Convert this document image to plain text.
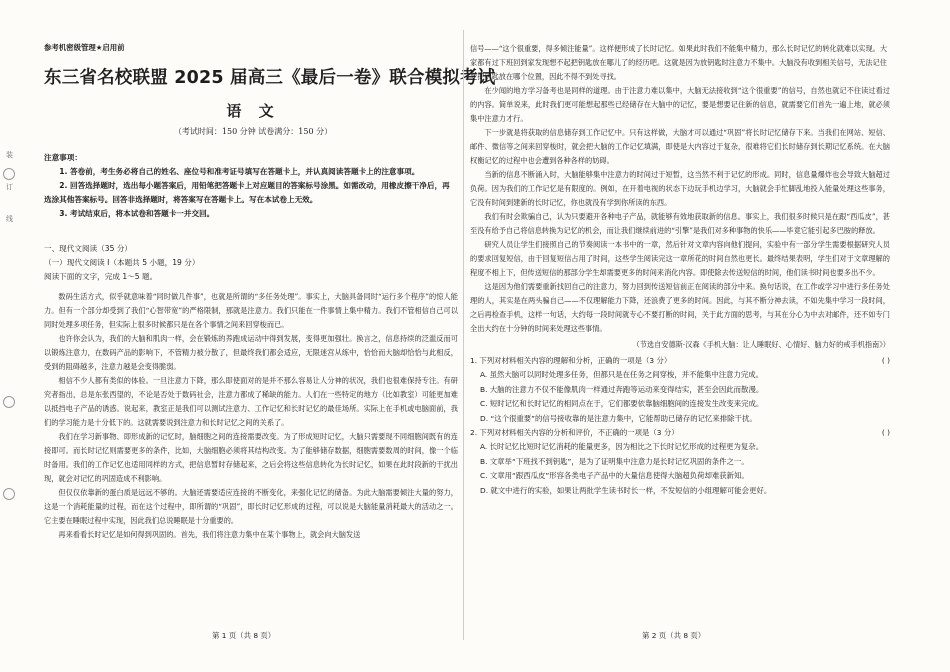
装
订
线
参考机密级管理★启用前
东三省名校联盟 2025 届高三《最后一卷》联合模拟考试
语 文
（考试时间：150 分钟 试卷满分：150 分）
注意事项：
1. 答卷前，考生务必将自己的姓名、座位号和准考证号填写在答题卡上，并认真阅读答题卡上的注意事项。
2. 回答选择题时，选出每小题答案后，用铅笔把答题卡上对应题目的答案标号涂黑。如需改动，用橡皮擦干净后，再选涂其他答案标号。回答非选择题时，将答案写在答题卡上。写在本试卷上无效。
3. 考试结束后，将本试卷和答题卡一并交回。
一、现代文阅读（35 分）
（一）现代文阅读 Ⅰ（本题共 5 小题，19 分）
阅读下面的文字，完成 1～5 题。

数码生活方式，似乎就意味着“同时做几件事”，也就是所谓的“多任务处理”。事实上，大脑具备同时“运行多个程序”的惊人能力。但有一个部分却受到了我们“心智带宽”的严格限制，那就是注意力。我们只能在一件事情上集中精力。我们不管相信自己可以同时处理多项任务，但实际上很多时候都只是在各个事情之间来回穿梭而已。

也许你会认为，我们的大脑和肌肉一样，会在锻炼的养跑成运动中得到发展，变得更加强壮。换言之，信息持续的泛滥反而可以锻炼注意力，在数码产品的影响下，不管精力被分散了，但最终我们都会适应，无限迷宫从练中，恰恰而大脑却恰恰与此相反，受到的阻碍越多，注意力越是会变得脆弱。

相信不少人都有类似的体验。一旦注意力下降，那么即使面对的是并不那么容易让人分神的状况，我们也很难保持专注。有研究者指出，总是东张西望的，不论是否处于数码社会，注意力都成了稀缺的能力。人们在一些特定的地方（比如教室）可能更加难以抵挡电子产品的诱惑。说起来，教室正是我们可以测试注意力、工作记忆和长时记忆的最佳场所。实际上在手机或电脑面前，我们的学习能力是十分低下的。这就需要说到注意力和长时记忆之间的关系了。

我们在学习新事物、即形成新的记忆时，脑细胞之间的连接需要改变。为了形成短时记忆，大脑只需要现不同细胞间既有的连接即可。而长时记忆则需要更多的条件，比如，大脑细胞必须将其结构改变。为了能够储存数据，细胞需要数周的时间，像一个临时备用。我们的工作记忆也适用同样的方式，把信息暂时存储起来，之后会将这些信息转化为长时记忆，如果在此时段新的干扰出现，就会对记忆的巩固造成不利影响。

但仅仅依靠新的蛋白质是远远不够的。大脑还需要适应连接的不断变化，来强化记忆的储备。为此大脑需要倾注大量的努力，这是一个消耗能量的过程，而在这个过程中，即所谓的“巩固”，即长时记忆形成的过程，可以说是大脑能量消耗最大的活动之一。它主要在睡眠过程中实现，因此我们总说睡眠是十分重要的。

再来看看长时记忆是如何得到巩固的。首先，我们将注意力集中在某个事物上，就会向大脑发送

信号——“这个很重要，得多倾注能量”。这样便形成了长时记忆。如果此时我们不能集中精力，那么长时记忆的转化就难以实现。大家都有过下班回到家发现想不起把钥匙放在哪儿了的经历吧。这就是因为放钥匙时注意力不集中。大脑没有收到相关信号，无法记住变把钥匙放在哪个位置，因此不得不到处寻找。

在少闻的地方学习备考也是同样的道理。由于注意力难以集中，大脑无法接收到“这个很重要”的信号，自然也就记不住读过看过的内容。简单说来，此时我们更可能想起那些已经储存在大脑中的记忆，要是想要记住新的信息，就需要它们首先一遍上地，就必须集中注意力才行。

下一步就是将获取的信息储存到工作记忆中。只有这样做，大脑才可以通过“巩固”将长时记忆储存下来。当我们在网站、短信、邮件、微信等之间来回穿梭时，就会把大脑的工作记忆填满，即使是大内容过于复杂，很难将它们长时储存到长期记忆系统。在大脑权衡记忆的过程中也会遭到各种各样的妨碍。

当新的信息不断涌入时，大脑能够集中注意力的时间过于短暂，这当然不利于记忆的形成。同时，信息量爆炸也会导致大脑超过负荷。因为我们的工作记忆是有限度的。例如，在开着电视的状态下边玩手机边学习，大脑就会手忙脚乱地投入能量处理这些事务，它没有时间到建新的长时记忆，你也就没有学到你所读的东西。

我们有时会欺骗自己，认为只要避开各种电子产品，就能够有效地获取新的信息。事实上，我们很多时候只是在跟“西瓜皮”，甚至没有给予自己将信息转换为记忆的机会，而让我们继续前进的“引擎”是我们对多种事物的快乐——毕竟它能引起多巴胺的释放。

研究人员让学生们接照自己的节奏阅读一本书中的一章，然后针对文章内容向他们提问，实验中有一部分学生需要根据研究人员的要求回复短信，由于回复短信占用了时间，这些学生阅读完这一章所花的时间自然也更长。最终结果表明，学生们对于文章理解的程度不相上下，但传送短信的那部分学生却需要更多的时间来消化内容。即使除去传送短信的时间，他们读书时间也要多出不少。

这是因为他们需要重新找回自己的注意力，努力回到传送短信前正在阅读的部分中来。换句话说，在工作或学习中进行多任务处理的人，其实是在两头骗自己——不仅理解能力下降，还浪费了更多的时间。因此，与其不断分神去读，不如先集中学习一段时间，之后再检查手机，这样一句话，大约每一段时间就专心不要打断的时间，关于此方面的思考，与其在分心为中去对邮件，还不如专门全出大约在十分钟的时间来处理这些事情。

（节选自安德斯·汉森《手机大脑：让人睡眠好、心情好、脑力好的戒手机指南》）

1. 下列对材料相关内容的理解和分析，正确的一项是（3 分）	( )
A. 虽然大脑可以同时处理多任务，但都只是在任务之间穿梭，并不能集中注意力完成。
B. 大脑的注意力不仅不能像肌肉一样通过奔跑等运动来变得结实，甚至会因此而散漫。
C. 短时记忆和长时记忆的相同点在于，它们都要依靠脑细胞间的连接发生改变来完成。
D. “这个很重要”的信号接收靠的是注意力集中，它能帮助已储存的记忆来排除干扰。
2. 下列对材料相关内容的分析和评价，不正确的一项是（3 分）	( )
A. 长时记忆比短时记忆消耗的能量更多，因为相比之下长时记忆形成的过程更为复杂。
B. 文章举“下班找不到钥匙”，是为了证明集中注意力是长时记忆巩固的条件之一。
C. 文章用“跟西瓜皮”形容各类电子产品中的大量信息使得大脑超负荷却难获新知。
D. 就文中进行的实验，如果让两批学生读书时长一样，不发短信的小组理解可能会更好。
第 1 页（共 8 页）	第 2 页（共 8 页）
